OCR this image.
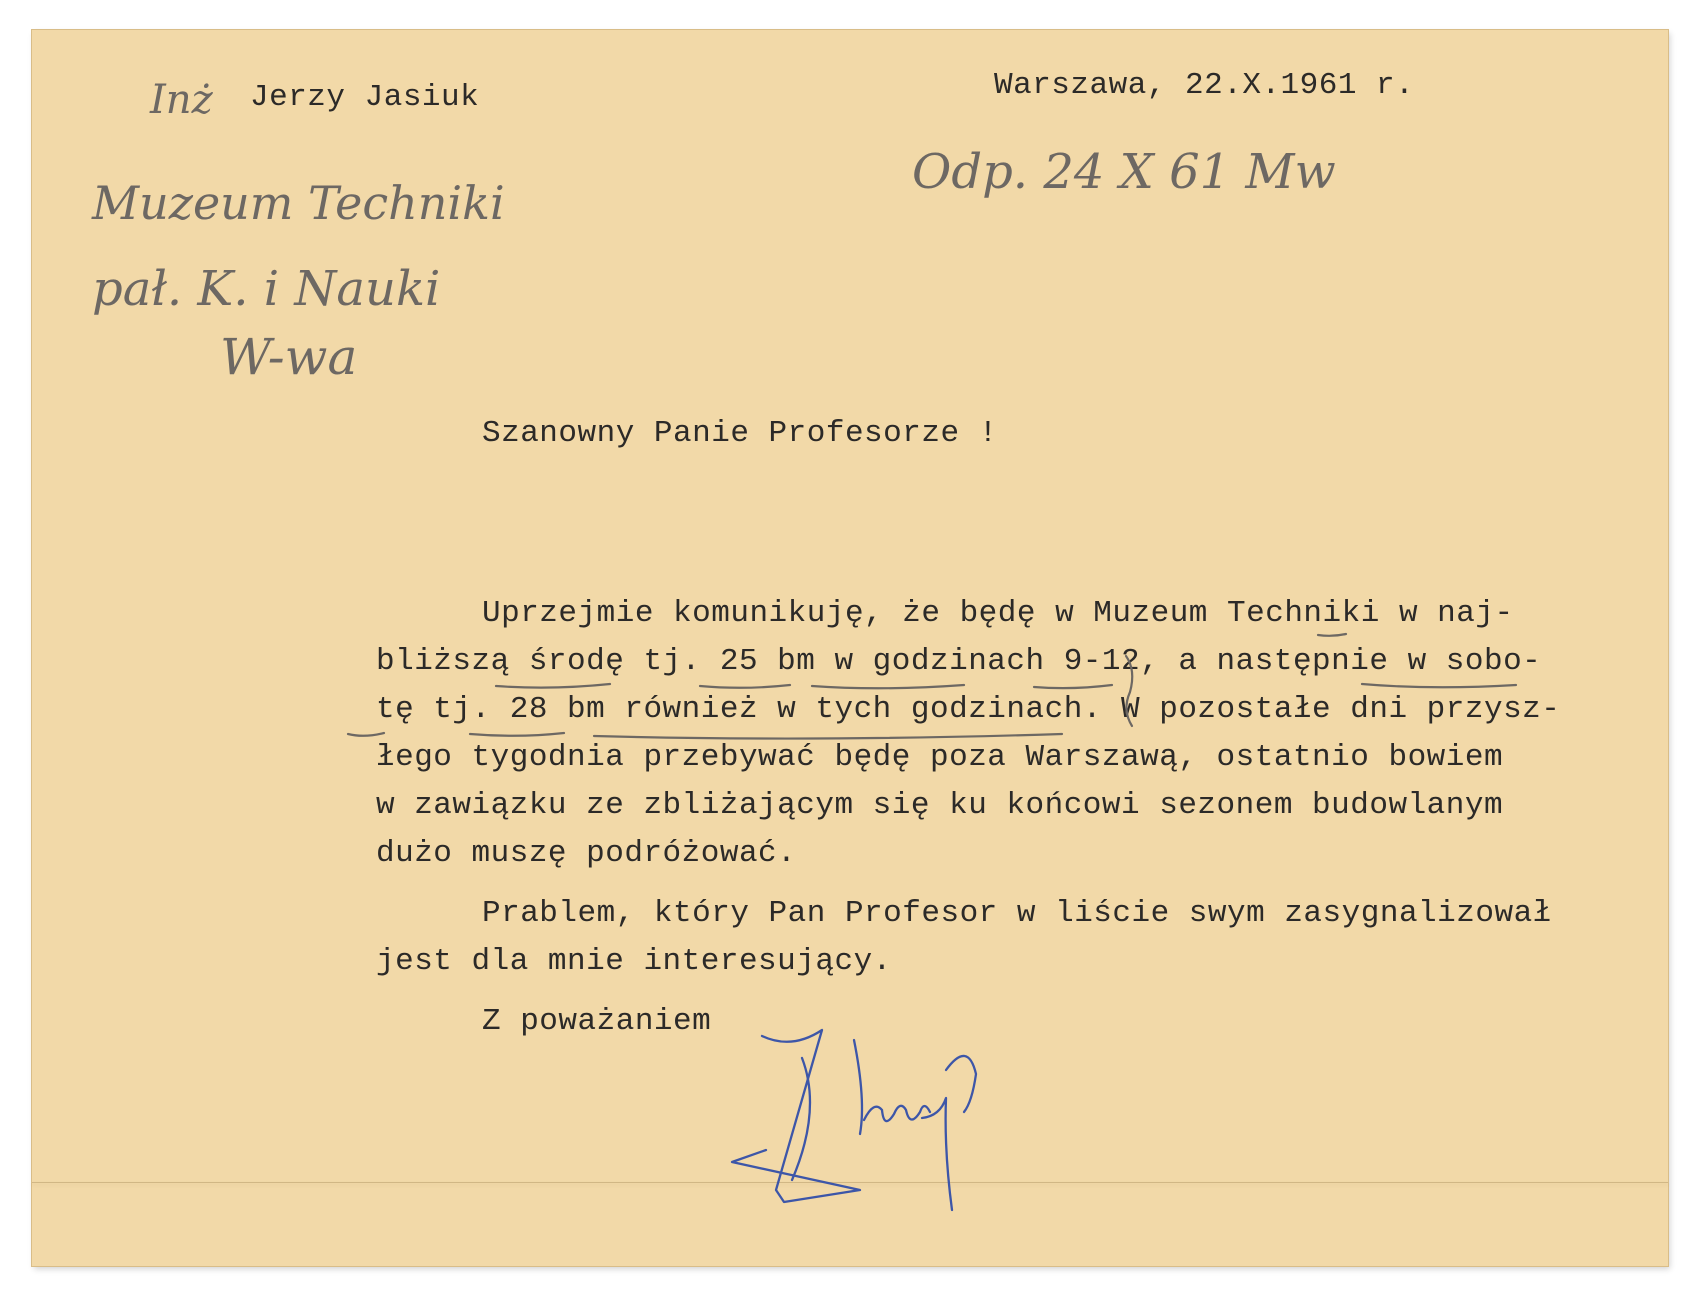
Inż

Muzeum Techniki

pał. K. i Nauki

W-wa

Jerzy Jasiuk	Warszawa, 22.X.1961 r.
Odp. 24 X 61 Mw
Szanowny Panie Profesorze !
Uprzejmie komunikuję, że będę w Muzeum Techniki w naj-
bliższą środę tj. 25 bm w godzinach 9-12, a następnie w sobo-
tę tj. 28 bm również w tych godzinach. W pozostałe dni przysz-
łego tygodnia przebywać będę poza Warszawą, ostatnio bowiem
w zawiązku ze zbliżającym się ku końcowi sezonem budowlanym
dużo muszę podróżować.
Prablem, który Pan Profesor w liście swym zasygnalizował
jest dla mnie interesujący.
Z poważaniem
